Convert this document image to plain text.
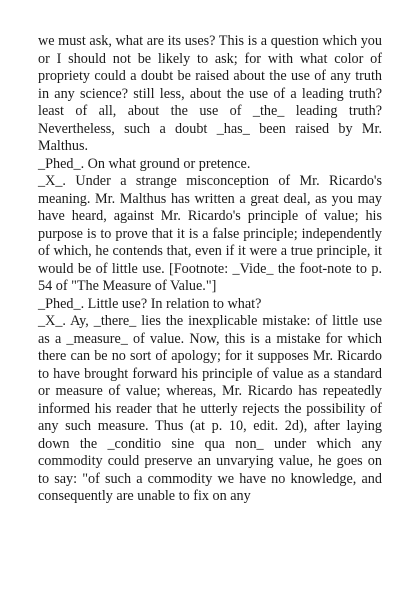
we must ask, what are its uses? This is a question which you or I should not be likely to ask; for with what color of propriety could a doubt be raised about the use of any truth in any science? still less, about the use of a leading truth? least of all, about the use of _the_ leading truth? Nevertheless, such a doubt _has_ been raised by Mr. Malthus.

_Phed_. On what ground or pretence.

_X_. Under a strange misconception of Mr. Ricardo's meaning. Mr. Malthus has written a great deal, as you may have heard, against Mr. Ricardo's principle of value; his purpose is to prove that it is a false principle; independently of which, he contends that, even if it were a true principle, it would be of little use. [Footnote: _Vide_ the foot-note to p. 54 of "The Measure of Value."]

_Phed_. Little use? In relation to what?

_X_. Ay, _there_ lies the inexplicable mistake: of little use as a _measure_ of value. Now, this is a mistake for which there can be no sort of apology; for it supposes Mr. Ricardo to have brought forward his principle of value as a standard or measure of value; whereas, Mr. Ricardo has repeatedly informed his reader that he utterly rejects the possibility of any such measure. Thus (at p. 10, edit. 2d), after laying down the _conditio sine qua non_ under which any commodity could preserve an unvarying value, he goes on to say: "of such a commodity we have no knowledge, and consequently are unable to fix on any
